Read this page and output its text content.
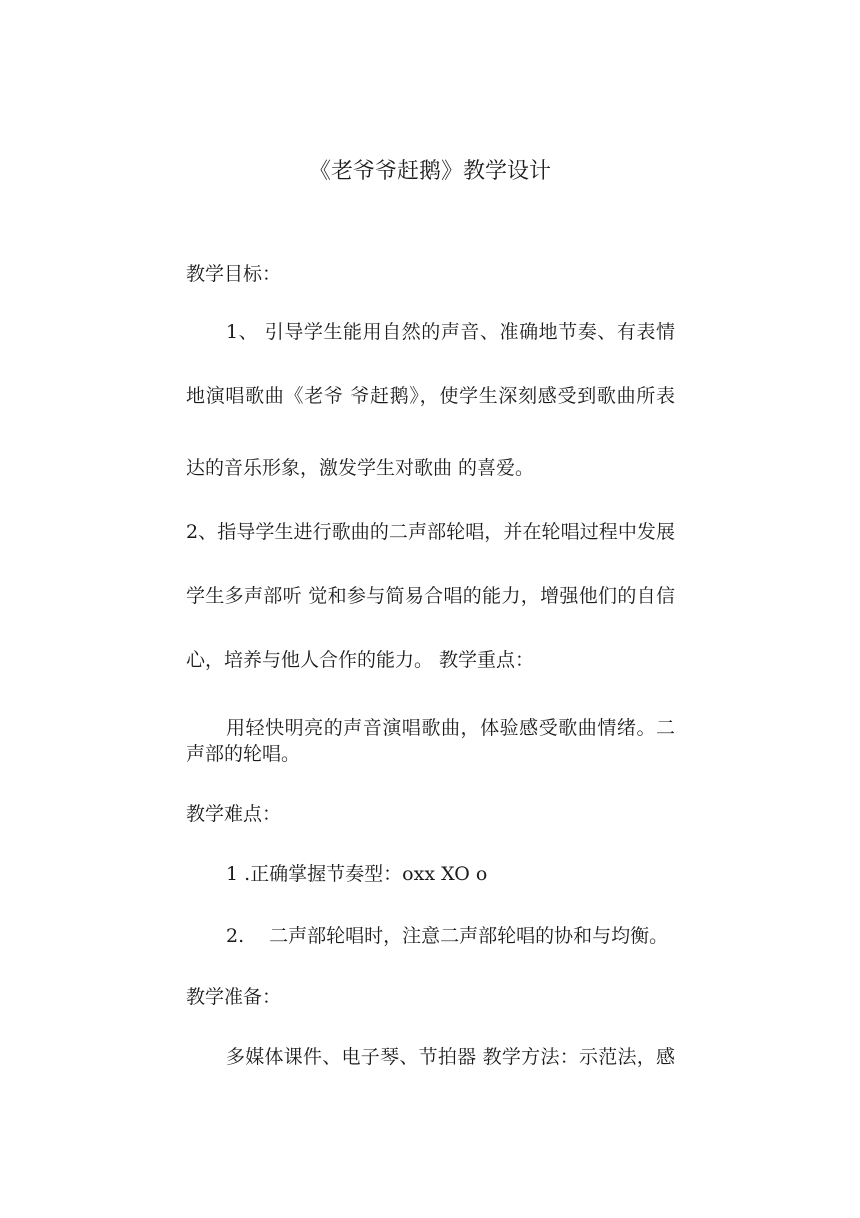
《老爷爷赶鹅》教学设计
教学目标：
1、 引导学生能用自然的声音、准确地节奏、有表情
地演唱歌曲《老爷 爷赶鹅》，使学生深刻感受到歌曲所表
达的音乐形象，激发学生对歌曲 的喜爱。
2、指导学生进行歌曲的二声部轮唱，并在轮唱过程中发展
学生多声部听 觉和参与简易合唱的能力，增强他们的自信
心，培养与他人合作的能力。 教学重点：
用轻快明亮的声音演唱歌曲，体验感受歌曲情绪。二
声部的轮唱。
教学难点：
1 .正确掌握节奏型：oxx XO o
2.　 二声部轮唱时，注意二声部轮唱的协和与均衡。
教学准备：
多媒体课件、电子琴、节拍器 教学方法：示范法，感
